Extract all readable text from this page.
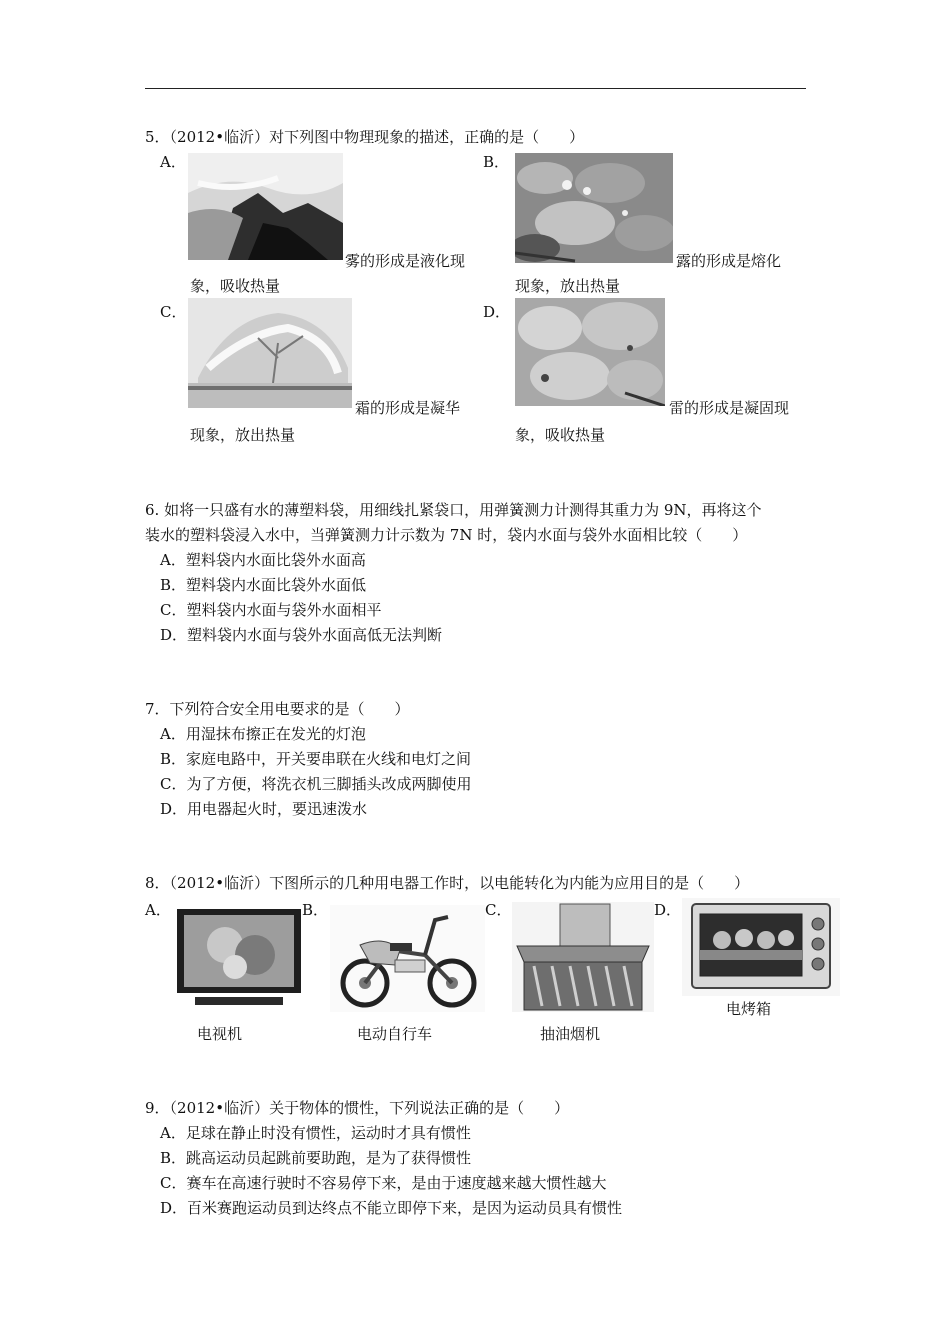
5．（2012•临沂）对下列图中物理现象的描述，正确的是（　　）
A．
雾的形成是液化现
象，吸收热量
B．
露的形成是熔化
现象，放出热量
C．
霜的形成是凝华
现象，放出热量
D．
雷的形成是凝固现
象，吸收热量
6. 如将一只盛有水的薄塑料袋，用细线扎紧袋口，用弹簧测力计测得其重力为 9N，再将这个
装水的塑料袋浸入水中，当弹簧测力计示数为 7N 时，袋内水面与袋外水面相比较（　　）
A．塑料袋内水面比袋外水面高
B．塑料袋内水面比袋外水面低
C．塑料袋内水面与袋外水面相平
D．塑料袋内水面与袋外水面高低无法判断
7．下列符合安全用电要求的是（　　）
A．用湿抹布擦正在发光的灯泡
B．家庭电路中，开关要串联在火线和电灯之间
C．为了方便，将洗衣机三脚插头改成两脚使用
D．用电器起火时，要迅速泼水
8．（2012•临沂）下图所示的几种用电器工作时，以电能转化为内能为应用目的是（　　）
A．
电视机
B．
电动自行车
C．
抽油烟机
D．
电烤箱
9．（2012•临沂）关于物体的惯性，下列说法正确的是（　　）
A．足球在静止时没有惯性，运动时才具有惯性
B．跳高运动员起跳前要助跑，是为了获得惯性
C．赛车在高速行驶时不容易停下来，是由于速度越来越大惯性越大
D．百米赛跑运动员到达终点不能立即停下来，是因为运动员具有惯性
